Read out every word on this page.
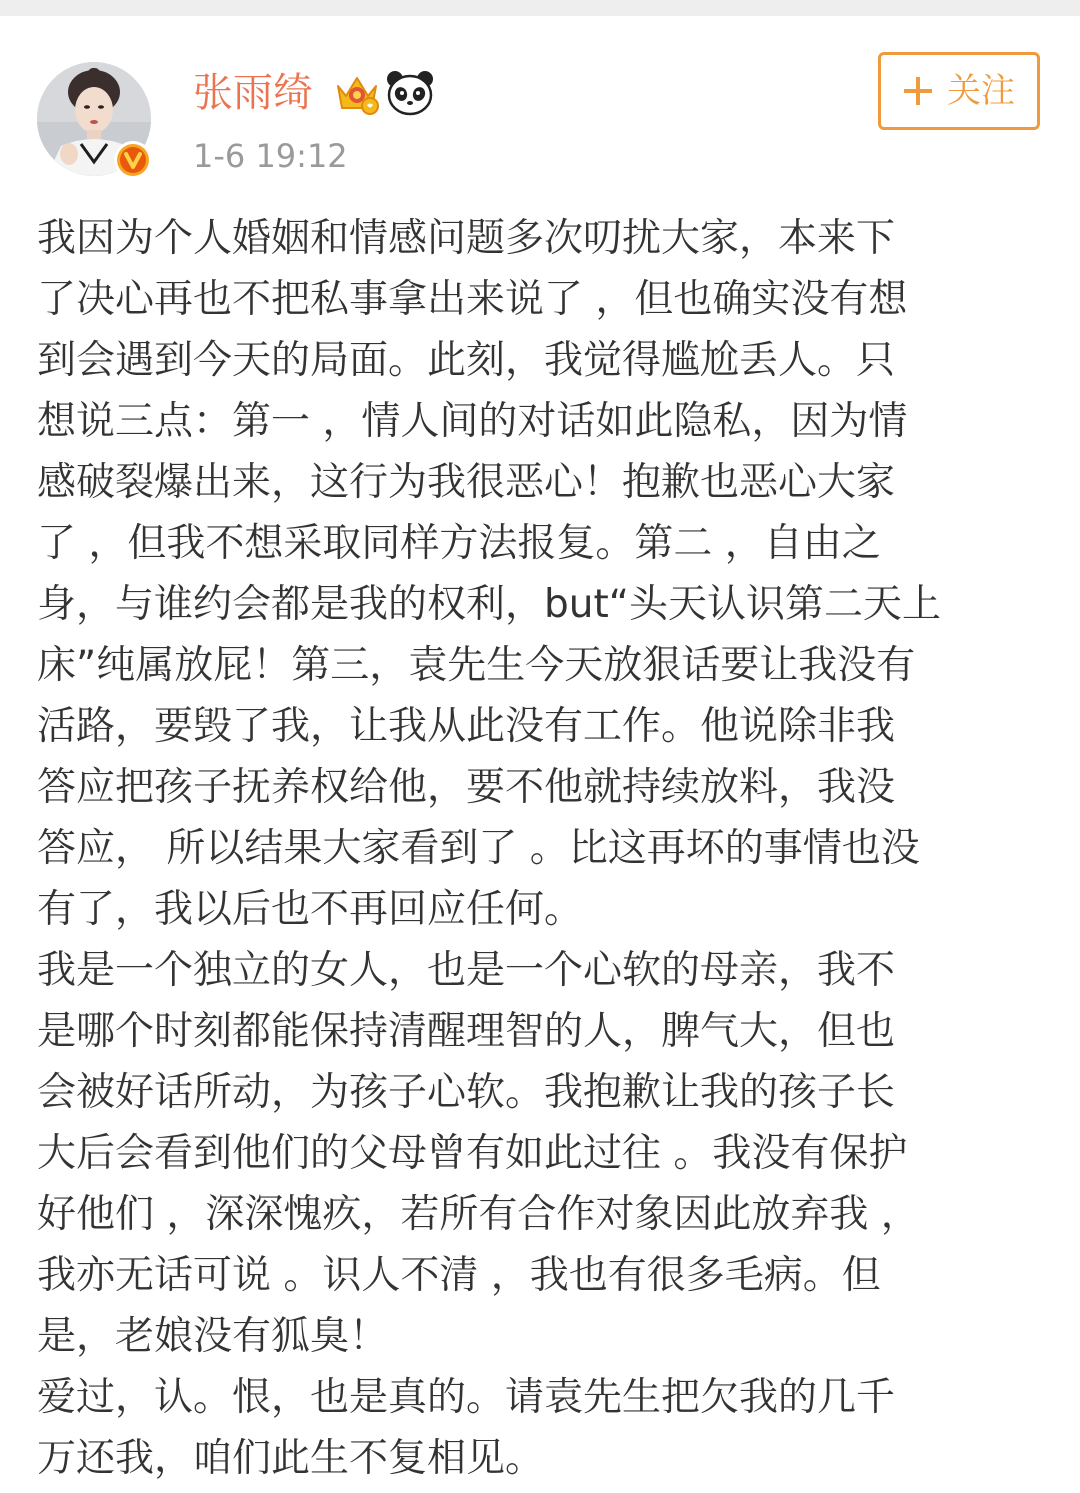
张雨绮
1-6 19:12
关注

我因为个人婚姻和情感问题多次叨扰大家，本来下
了决心再也不把私事拿出来说了 ，但也确实没有想
到会遇到今天的局面。此刻，我觉得尴尬丢人。只
想说三点：第一 ，情人间的对话如此隐私，因为情
感破裂爆出来，这行为我很恶心！抱歉也恶心大家
了 ，但我不想采取同样方法报复。第二 ，自由之
身，与谁约会都是我的权利，but“头天认识第二天上
床”纯属放屁！第三，袁先生今天放狠话要让我没有
活路，要毁了我，让我从此没有工作。他说除非我
答应把孩子抚养权给他，要不他就持续放料，我没
答应， 所以结果大家看到了 。比这再坏的事情也没
有了，我以后也不再回应任何。

我是一个独立的女人，也是一个心软的母亲，我不
是哪个时刻都能保持清醒理智的人，脾气大，但也
会被好话所动，为孩子心软。我抱歉让我的孩子长
大后会看到他们的父母曾有如此过往 。我没有保护
好他们 ，深深愧疚，若所有合作对象因此放弃我 ，
我亦无话可说 。识人不清 ，我也有很多毛病。但
是，老娘没有狐臭！

爱过，认。恨，也是真的。请袁先生把欠我的几千
万还我，咱们此生不复相见。
